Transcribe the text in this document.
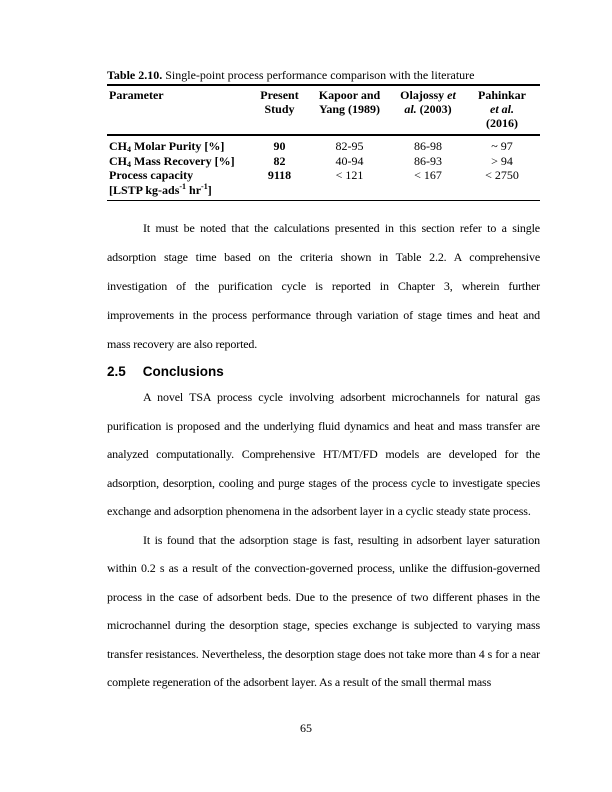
Table 2.10. Single-point process performance comparison with the literature
Parameter	Present Study	Kapoor and Yang (1989)	Olajossy et al. (2003)	Pahinkar et al. (2016)
$CH_4$ Molar Purity [%]	90	82-95	86-98	~ 97
$CH_4$ Mass Recovery [%]	82	40-94	86-93	> 94

Process capacity
[LSTP kg-ads$^{-1}$ $hr^{-1}$]	9118	< 121	< 167	< 2750

It must be noted that the calculations presented in this section refer to a single adsorption stage time based on the criteria shown in Table 2.2. A comprehensive investigation of the purification cycle is reported in Chapter 3, wherein further improvements in the process performance through variation of stage times and heat and mass recovery are also reported.

2.5 Conclusions

A novel TSA process cycle involving adsorbent microchannels for natural gas purification is proposed and the underlying fluid dynamics and heat and mass transfer are analyzed computationally. Comprehensive HT/MT/FD models are developed for the adsorption, desorption, cooling and purge stages of the process cycle to investigate species exchange and adsorption phenomena in the adsorbent layer in a cyclic steady state process.

It is found that the adsorption stage is fast, resulting in adsorbent layer saturation within 0.2 s as a result of the convection-governed process, unlike the diffusion-governed process in the case of adsorbent beds. Due to the presence of two different phases in the microchannel during the desorption stage, species exchange is subjected to varying mass transfer resistances. Nevertheless, the desorption stage does not take more than 4 s for a near complete regeneration of the adsorbent layer. As a result of the small thermal mass

65
